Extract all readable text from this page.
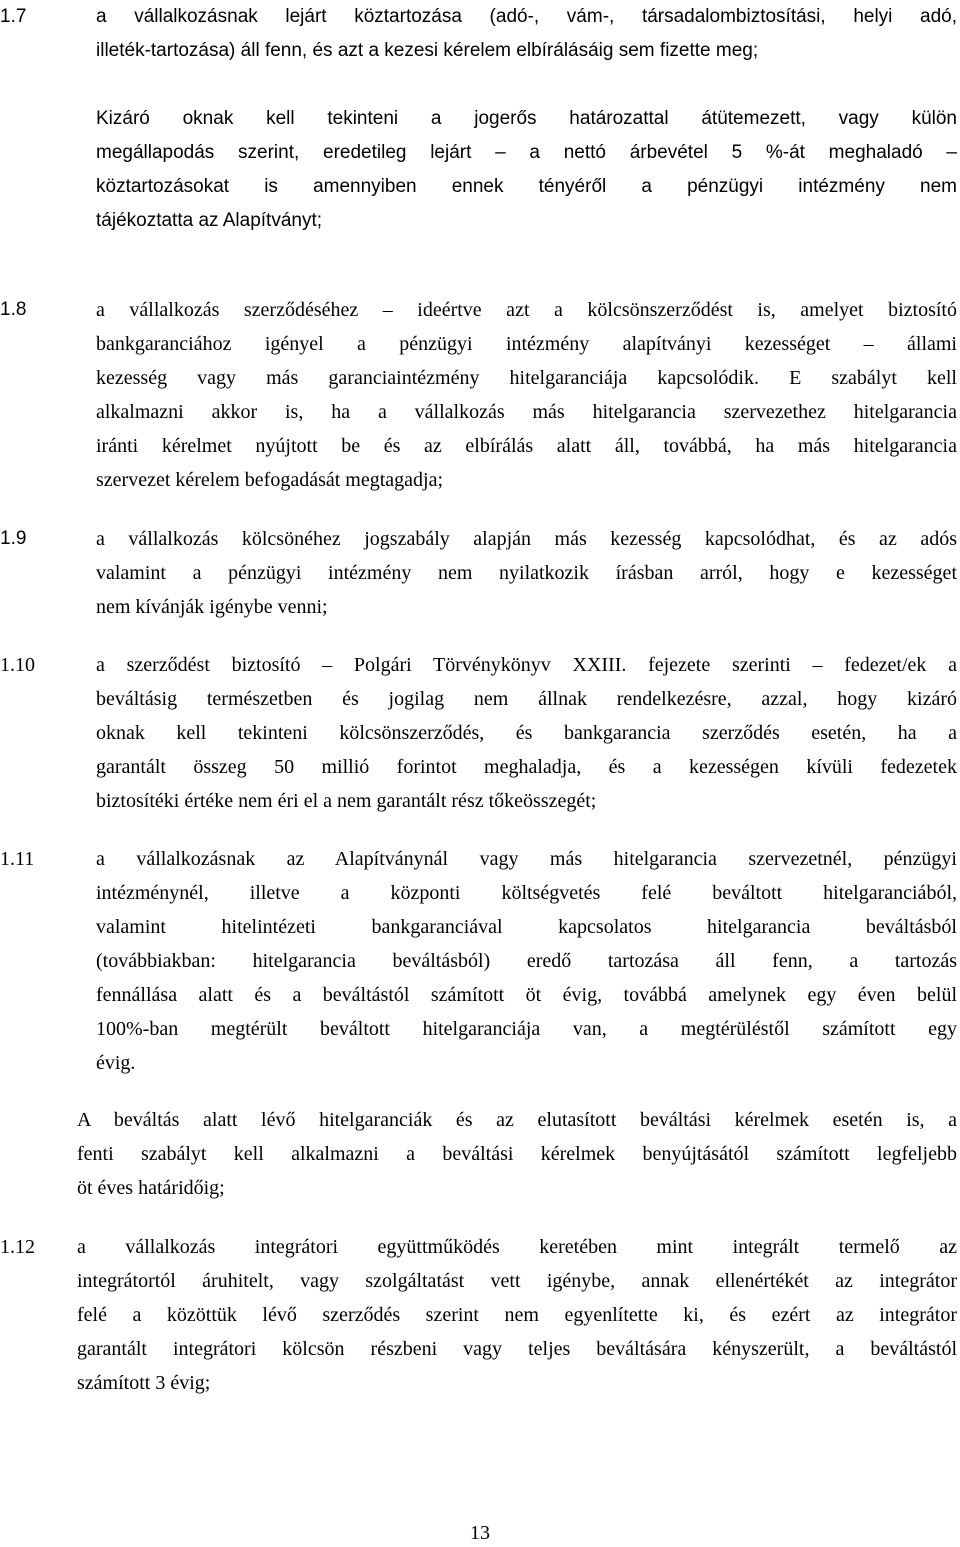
1.7	a vállalkozásnak lejárt köztartozása (adó-, vám-, társadalombiztosítási, helyi adó,
illeték-tartozása) áll fenn, és azt a kezesi kérelem elbírálásáig sem fizette meg;
Kizáró oknak kell tekinteni a jogerős határozattal átütemezett, vagy külön
megállapodás szerint, eredetileg lejárt – a nettó árbevétel 5 %-át meghaladó –
köztartozásokat is amennyiben ennek tényéről a pénzügyi intézmény nem
tájékoztatta az Alapítványt;
1.8	a vállalkozás szerződéséhez – ideértve azt a kölcsönszerződést is, amelyet biztosító
bankgaranciához igényel a pénzügyi intézmény alapítványi kezességet – állami
kezesség vagy más garanciaintézmény hitelgaranciája kapcsolódik. E szabályt kell
alkalmazni akkor is, ha a vállalkozás más hitelgarancia szervezethez hitelgarancia
iránti kérelmet nyújtott be és az elbírálás alatt áll, továbbá, ha más hitelgarancia
szervezet kérelem befogadását megtagadja;
1.9	a vállalkozás kölcsönéhez jogszabály alapján más kezesség kapcsolódhat, és az adós
valamint a pénzügyi intézmény nem nyilatkozik írásban arról, hogy e kezességet
nem kívánják igénybe venni;
1.10	a szerződést biztosító – Polgári Törvénykönyv XXIII. fejezete szerinti – fedezet/ek a
beváltásig természetben és jogilag nem állnak rendelkezésre, azzal, hogy kizáró
oknak kell tekinteni kölcsönszerződés, és bankgarancia szerződés esetén, ha a
garantált összeg 50 millió forintot meghaladja, és a kezességen kívüli fedezetek
biztosítéki értéke nem éri el a nem garantált rész tőkeösszegét;
1.11	a vállalkozásnak az Alapítványnál vagy más hitelgarancia szervezetnél, pénzügyi
intézménynél, illetve a központi költségvetés felé beváltott hitelgaranciából,
valamint hitelintézeti bankgaranciával kapcsolatos hitelgarancia beváltásból
(továbbiakban: hitelgarancia beváltásból) eredő tartozása áll fenn, a tartozás
fennállása alatt és a beváltástól számított öt évig, továbbá amelynek egy éven belül
100%-ban megtérült beváltott hitelgaranciája van, a megtérüléstől számított egy
évig.
A beváltás alatt lévő hitelgaranciák és az elutasított beváltási kérelmek esetén is, a
fenti szabályt kell alkalmazni a beváltási kérelmek benyújtásától számított legfeljebb
öt éves határidőig;
1.12 a vállalkozás integrátori együttműködés keretében mint integrált termelő az
integrátortól áruhitelt, vagy szolgáltatást vett igénybe, annak ellenértékét az integrátor
felé a közöttük lévő szerződés szerint nem egyenlítette ki, és ezért az integrátor
garantált integrátori kölcsön részbeni vagy teljes beváltására kényszerült, a beváltástól
számított 3 évig;
13
